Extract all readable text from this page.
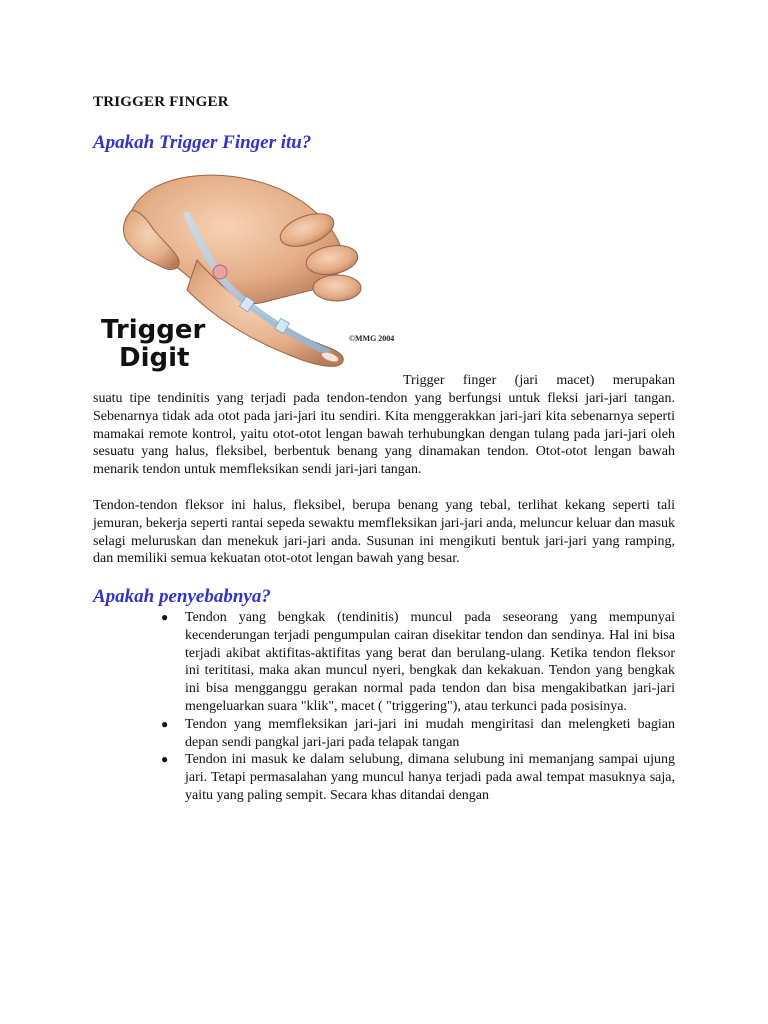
TRIGGER FINGER
Apakah Trigger Finger itu?
Trigger
Digit
©MMG 2004
Trigger finger (jari macet) merupakan
suatu tipe tendinitis yang terjadi pada tendon-tendon yang berfungsi untuk fleksi jari-jari tangan. Sebenarnya tidak ada otot pada jari-jari itu sendiri. Kita menggerakkan jari-jari kita sebenarnya seperti mamakai remote kontrol, yaitu otot-otot lengan bawah terhubungkan dengan tulang pada jari-jari oleh sesuatu yang halus, fleksibel, berbentuk benang yang dinamakan tendon. Otot-otot lengan bawah menarik tendon untuk memfleksikan sendi jari-jari tangan.
Tendon-tendon fleksor ini halus, fleksibel, berupa benang yang tebal, terlihat kekang seperti tali jemuran, bekerja seperti rantai sepeda sewaktu memfleksikan jari-jari anda, meluncur keluar dan masuk selagi meluruskan dan menekuk jari-jari anda. Susunan ini mengikuti bentuk jari-jari yang ramping, dan memiliki semua kekuatan otot-otot lengan bawah yang besar.
Apakah penyebabnya?
● Tendon yang bengkak (tendinitis) muncul pada seseorang yang mempunyai kecenderungan terjadi pengumpulan cairan disekitar tendon dan sendinya. Hal ini bisa terjadi akibat aktifitas-aktifitas yang berat dan berulang-ulang. Ketika tendon fleksor ini terititasi, maka akan muncul nyeri, bengkak dan kekakuan. Tendon yang bengkak ini bisa mengganggu gerakan normal pada tendon dan bisa mengakibatkan jari-jari mengeluarkan suara "klik", macet ( "triggering"), atau terkunci pada posisinya.
● Tendon yang memfleksikan jari-jari ini mudah mengiritasi dan melengketi bagian depan sendi pangkal jari-jari pada telapak tangan
● Tendon ini masuk ke dalam selubung, dimana selubung ini memanjang sampai ujung jari. Tetapi permasalahan yang muncul hanya terjadi pada awal tempat masuknya saja, yaitu yang paling sempit. Secara khas ditandai dengan
